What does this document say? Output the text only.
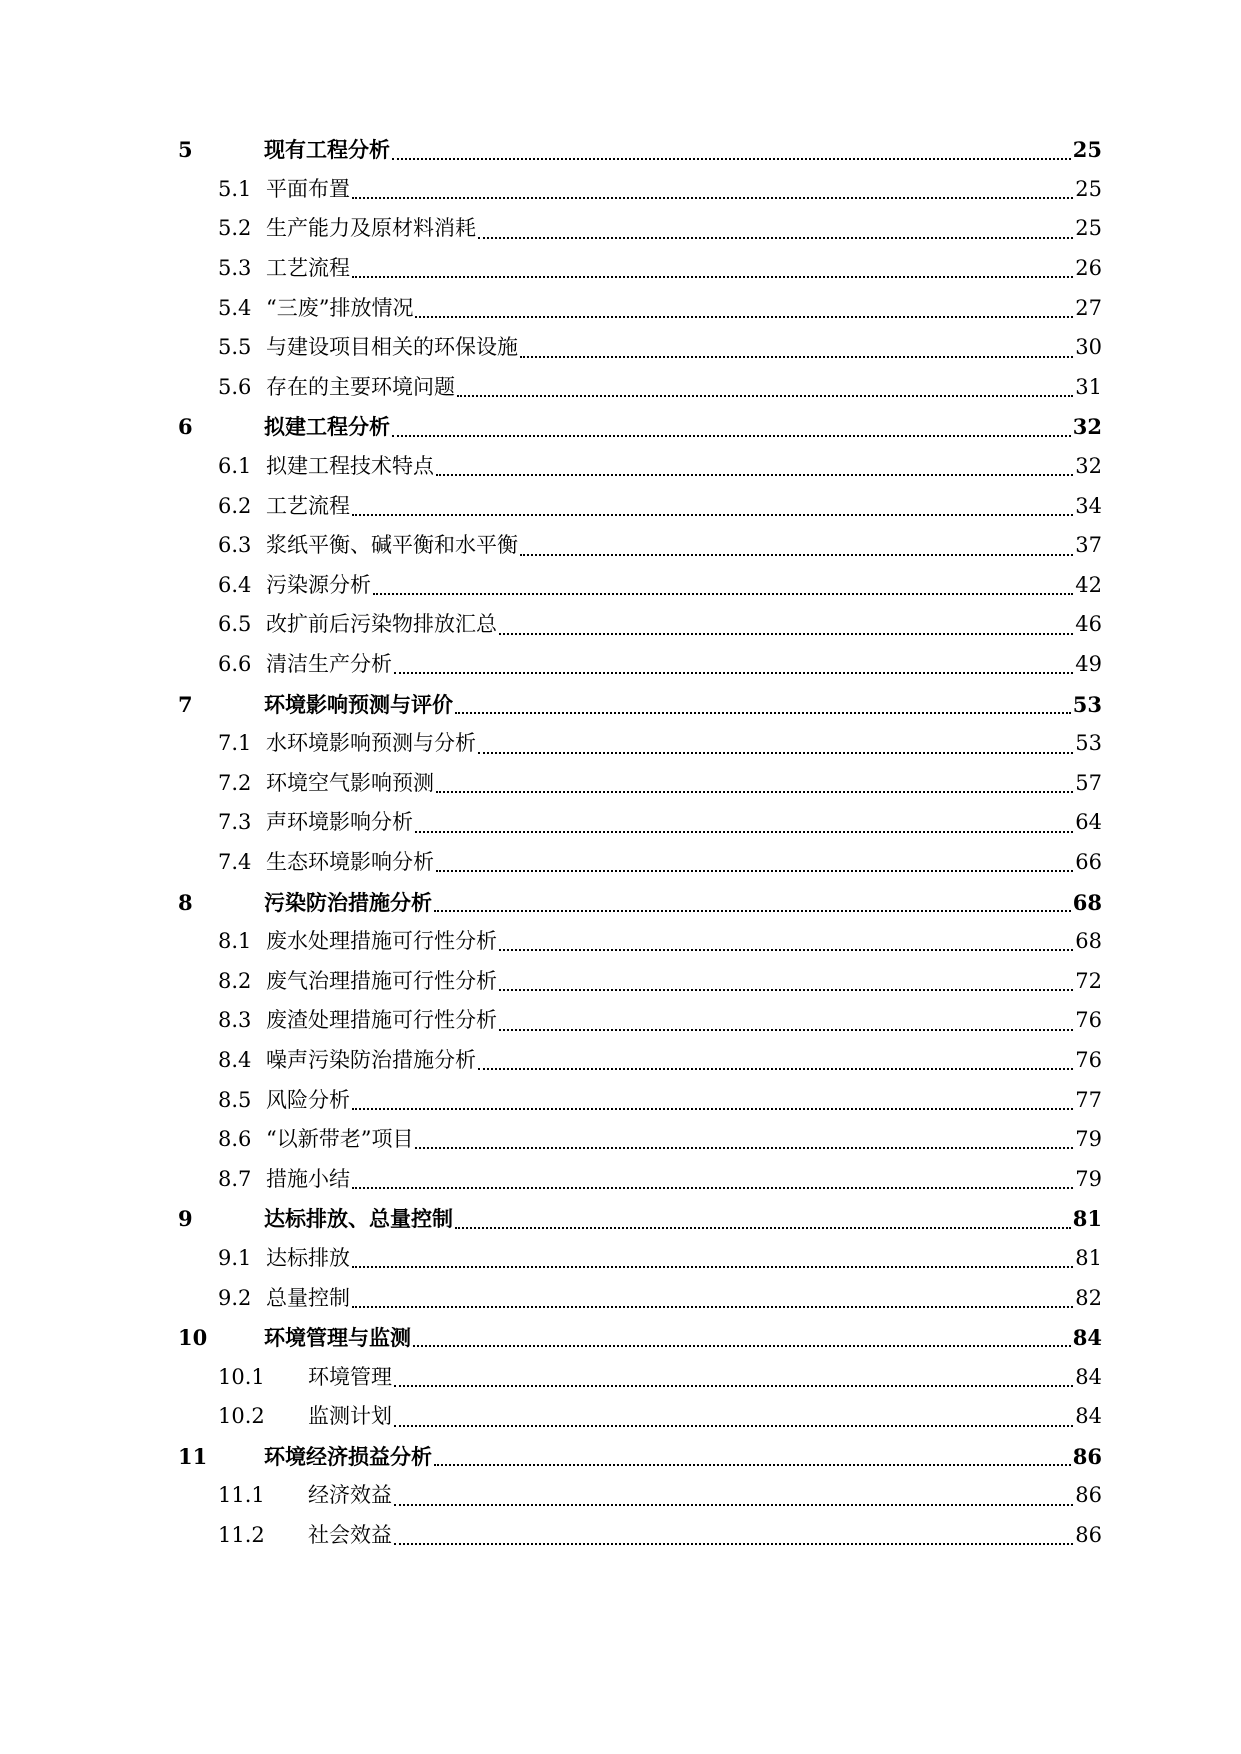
5	现有工程分析	25
5.1 平面布置	25
5.2 生产能力及原材料消耗	25
5.3 工艺流程	26
5.4 “三废”排放情况	27
5.5 与建设项目相关的环保设施	30
5.6 存在的主要环境问题	31
6	拟建工程分析	32
6.1 拟建工程技术特点	32
6.2 工艺流程	34
6.3 浆纸平衡、碱平衡和水平衡	37
6.4 污染源分析	42
6.5 改扩前后污染物排放汇总	46
6.6 清洁生产分析	49
7	环境影响预测与评价	53
7.1 水环境影响预测与分析	53
7.2 环境空气影响预测	57
7.3 声环境影响分析	64
7.4 生态环境影响分析	66
8	污染防治措施分析	68
8.1 废水处理措施可行性分析	68
8.2 废气治理措施可行性分析	72
8.3 废渣处理措施可行性分析	76
8.4 噪声污染防治措施分析	76
8.5 风险分析	77
8.6 “以新带老”项目	79
8.7 措施小结	79
9	达标排放、总量控制	81
9.1 达标排放	81
9.2 总量控制	82
10	环境管理与监测	84
10.1	环境管理	84
10.2	监测计划	84
11	环境经济损益分析	86
11.1	经济效益	86
11.2	社会效益	86
